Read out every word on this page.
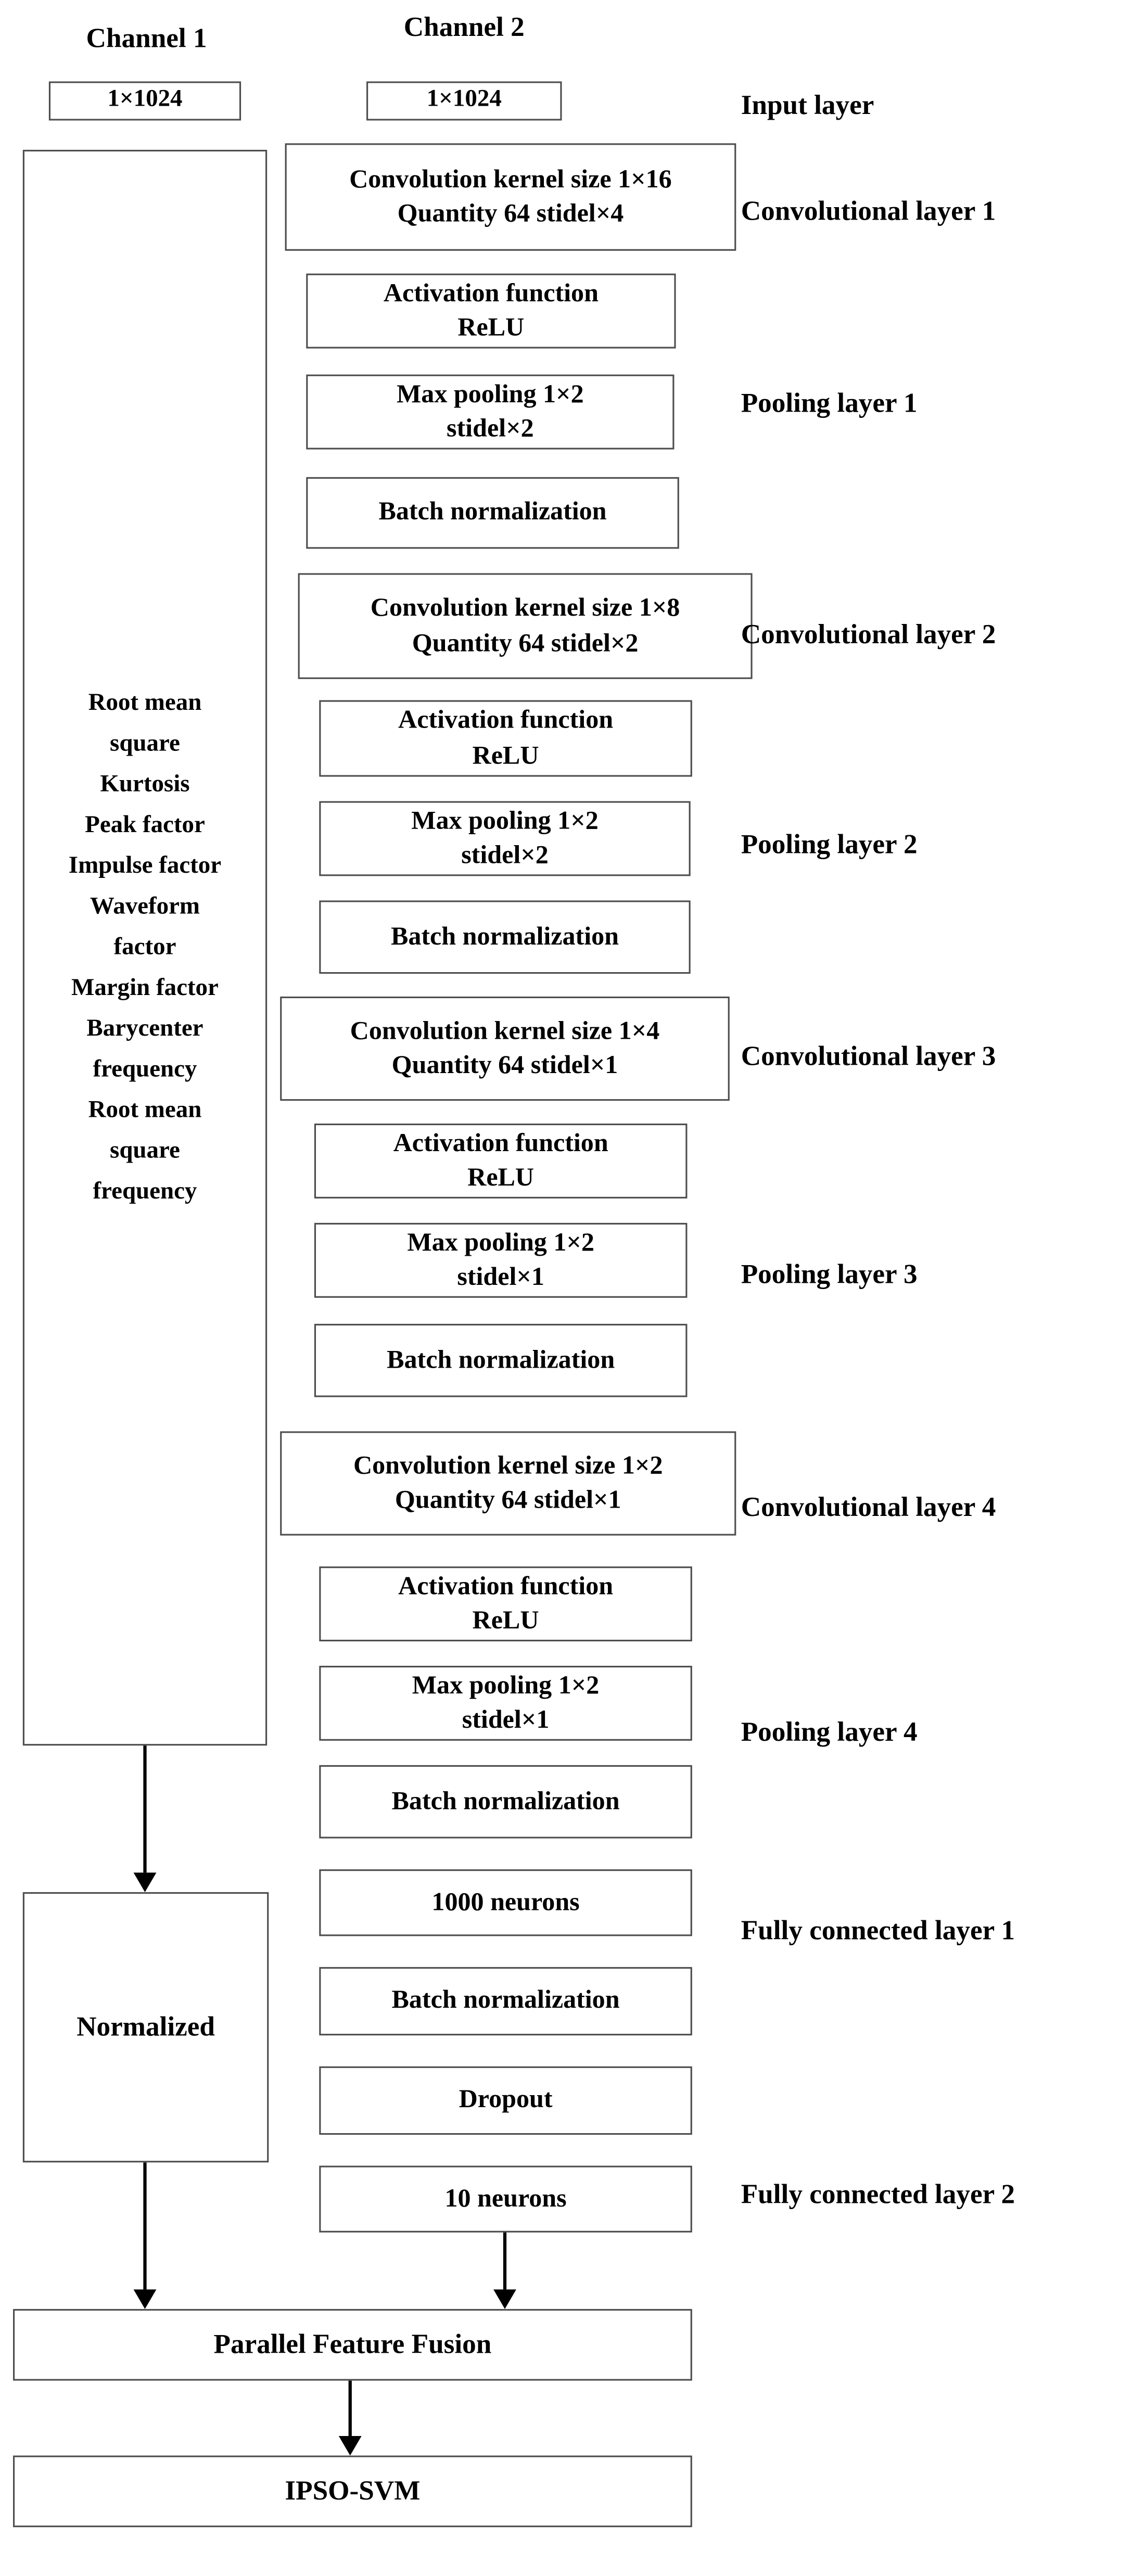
Channel 1	Channel 2
1×1024	1×1024
Root mean square
Kurtosis
Peak factor
Impulse factor
Waveform factor
Margin factor
Barycenter frequency
Root mean square frequency
Convolution kernel size 1×16
Quantity 64 stidel×4
Activation function
ReLU
Max pooling 1×2
stidel×2
Batch normalization
Convolution kernel size 1×8
Quantity 64 stidel×2
Activation function
ReLU
Max pooling 1×2
stidel×2
Batch normalization
Convolution kernel size 1×4
Quantity 64 stidel×1
Activation function
ReLU
Max pooling 1×2
stidel×1
Batch normalization
Convolution kernel size 1×2
Quantity 64 stidel×1
Activation function
ReLU
Max pooling 1×2
stidel×1
Batch normalization
1000 neurons
Batch normalization
Dropout
10 neurons
Input layer
Convolutional layer 1
Pooling layer 1
Convolutional layer 2
Pooling layer 2
Convolutional layer 3
Pooling layer 3
Convolutional layer 4
Pooling layer 4
Fully connected layer 1
Fully connected layer 2
Normalized
Parallel Feature Fusion
IPSO-SVM
